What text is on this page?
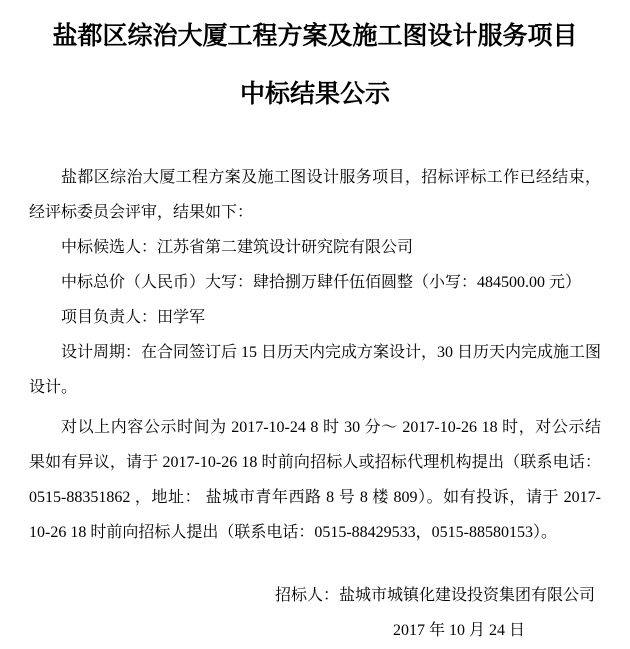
盐都区综治大厦工程方案及施工图设计服务项目
中标结果公示

盐都区综治大厦工程方案及施工图设计服务项目，招标评标工作已经结束，经评标委员会评审，结果如下：

中标候选人：江苏省第二建筑设计研究院有限公司

中标总价（人民币）大写：肆拾捌万肆仟伍佰圆整（小写：484500.00 元）

项目负责人：田学军

设计周期：在合同签订后 15 日历天内完成方案设计，30 日历天内完成施工图设计。

对以上内容公示时间为 2017-10-24 8 时 30 分～ 2017-10-26 18 时，对公示结果如有异议，请于 2017-10-26 18 时前向招标人或招标代理机构提出（联系电话：0515-88351862 ，地址： 盐城市青年西路 8 号 8 楼 809）。如有投诉，请于 2017-10-26 18 时前向招标人提出（联系电话：0515-88429533，0515-88580153）。

招标人：盐城市城镇化建设投资集团有限公司

2017 年 10 月 24 日
